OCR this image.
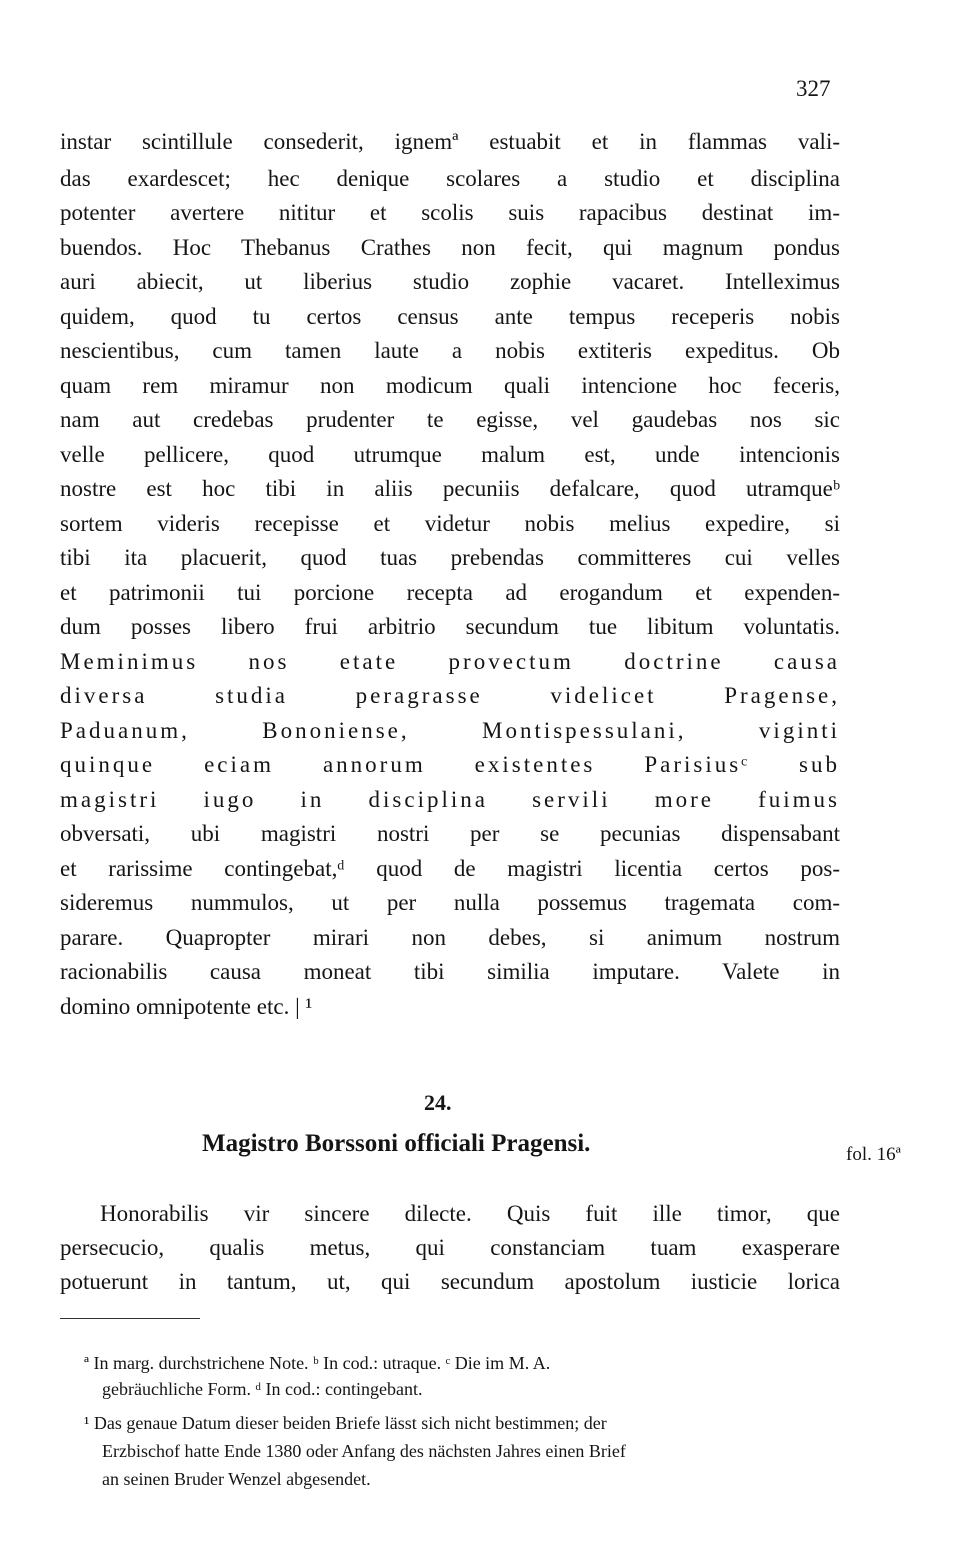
327
instar scintillule consederit, ignemª estuabit et in flammas vali-
das exardescet; hec denique scolares a studio et disciplina
potenter avertere nititur et scolis suis rapacibus destinat im-
buendos. Hoc Thebanus Crathes non fecit, qui magnum pondus
auri abiecit, ut liberius studio zophie vacaret. Intelleximus
quidem, quod tu certos census ante tempus receperis nobis
nescientibus, cum tamen laute a nobis extiteris expeditus. Ob
quam rem miramur non modicum quali intencione hoc feceris,
nam aut credebas prudenter te egisse, vel gaudebas nos sic
velle pellicere, quod utrumque malum est, unde intencionis
nostre est hoc tibi in aliis pecuniis defalcare, quod utramqueᵇ
sortem videris recepisse et videtur nobis melius expedire, si
tibi ita placuerit, quod tuas prebendas committeres cui velles
et patrimonii tui porcione recepta ad erogandum et expenden-
dum posses libero frui arbitrio secundum tue libitum voluntatis.
Meminimus nos etate provectum doctrine causa
diversa studia peragrasse videlicet Pragense,
Paduanum, Bononiense, Montispessulani, viginti
quinque eciam annorum existentes Parisiusᶜ sub
magistri iugo in disciplina servili more fuimus
obversati, ubi magistri nostri per se pecunias dispensabant
et rarissime contingebat,ᵈ quod de magistri licentia certos pos-
sideremus nummulos, ut per nulla possemus tragemata com-
parare. Quapropter mirari non debes, si animum nostrum
racionabilis causa moneat tibi similia imputare. Valete in
domino omnipotente etc. | ¹
24.
Magistro Borssoni officiali Pragensi.	fol. 16ª
Honorabilis vir sincere dilecte. Quis fuit ille timor, que
persecucio, qualis metus, qui constanciam tuam exasperare
potuerunt in tantum, ut, qui secundum apostolum iusticie lorica
ª In marg. durchstrichene Note. ᵇ In cod.: utraque. ᶜ Die im M. A.
gebräuchliche Form. ᵈ In cod.: contingebant.
¹ Das genaue Datum dieser beiden Briefe lässt sich nicht bestimmen; der
Erzbischof hatte Ende 1380 oder Anfang des nächsten Jahres einen Brief
an seinen Bruder Wenzel abgesendet.
